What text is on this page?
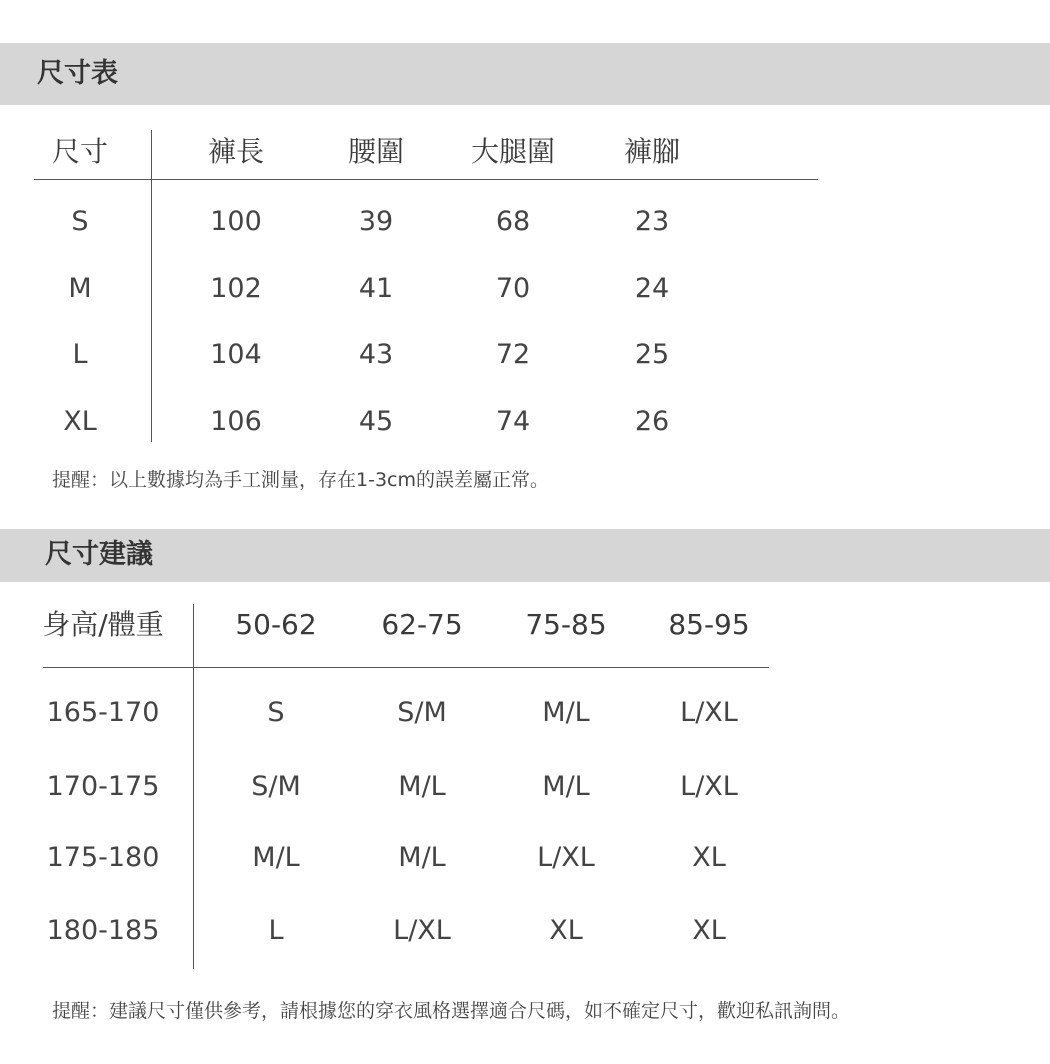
尺寸表
尺寸	褲長	腰圍 大腿圍 褲腳
S	100	39	68	23
M	102	41	70	24
L	104	43	72	25
XL	106	45	74	26
提醒：以上數據均為手工測量，存在1-3cm的誤差屬正常。
尺寸建議
身高/體重	50-62 62-75 75-85 85-95
165-170	S	S/M	M/L	L/XL
170-175	S/M	M/L	M/L	L/XL
175-180	M/L	M/L	L/XL	XL
180-185	L	L/XL	XL	XL
提醒：建議尺寸僅供參考，請根據您的穿衣風格選擇適合尺碼，如不確定尺寸，歡迎私訊詢問。
